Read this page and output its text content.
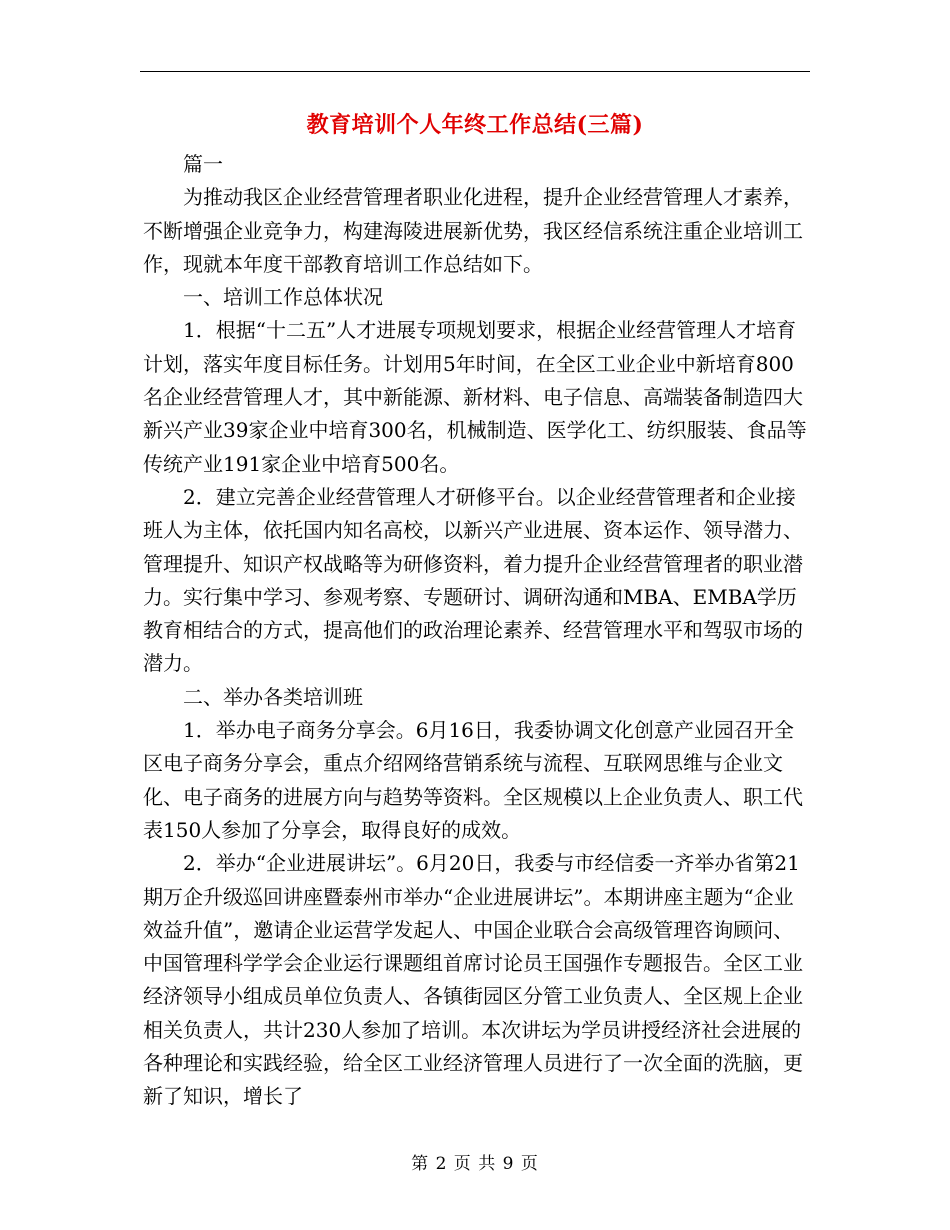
教育培训个人年终工作总结(三篇)

篇一

为推动我区企业经营管理者职业化进程，提升企业经营管理人才素养，不断增强企业竞争力，构建海陵进展新优势，我区经信系统注重企业培训工作，现就本年度干部教育培训工作总结如下。

一、培训工作总体状况

1．根据“十二五”人才进展专项规划要求，根据企业经营管理人才培育计划，落实年度目标任务。计划用5年时间，在全区工业企业中新培育800名企业经营管理人才，其中新能源、新材料、电子信息、高端装备制造四大新兴产业39家企业中培育300名，机械制造、医学化工、纺织服装、食品等传统产业191家企业中培育500名。

2．建立完善企业经营管理人才研修平台。以企业经营管理者和企业接班人为主体，依托国内知名高校，以新兴产业进展、资本运作、领导潜力、管理提升、知识产权战略等为研修资料，着力提升企业经营管理者的职业潜力。实行集中学习、参观考察、专题研讨、调研沟通和MBA、EMBA学历教育相结合的方式，提高他们的政治理论素养、经营管理水平和驾驭市场的潜力。

二、举办各类培训班

1．举办电子商务分享会。6月16日，我委协调文化创意产业园召开全区电子商务分享会，重点介绍网络营销系统与流程、互联网思维与企业文化、电子商务的进展方向与趋势等资料。全区规模以上企业负责人、职工代表150人参加了分享会，取得良好的成效。

2．举办“企业进展讲坛”。6月20日，我委与市经信委一齐举办省第21期万企升级巡回讲座暨泰州市举办“企业进展讲坛”。本期讲座主题为“企业效益升值”，邀请企业运营学发起人、中国企业联合会高级管理咨询顾问、中国管理科学学会企业运行课题组首席讨论员王国强作专题报告。全区工业经济领导小组成员单位负责人、各镇街园区分管工业负责人、全区规上企业相关负责人，共计230人参加了培训。本次讲坛为学员讲授经济社会进展的各种理论和实践经验，给全区工业经济管理人员进行了一次全面的洗脑，更新了知识，增长了

第 2 页 共 9 页
